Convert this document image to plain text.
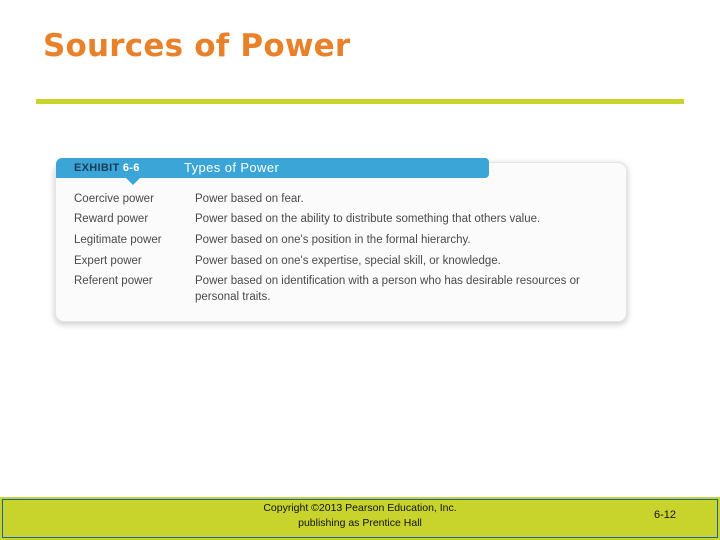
Sources of Power
EXHIBIT 6-6	Types of Power
Coercive power	Power based on fear.
Reward power	Power based on the ability to distribute something that others value.
Legitimate power	Power based on one's position in the formal hierarchy.
Expert power	Power based on one's expertise, special skill, or knowledge.
Referent power	Power based on identification with a person who has desirable resources or personal traits.
Copyright ©2013 Pearson Education, Inc.
publishing as Prentice Hall
6-12
